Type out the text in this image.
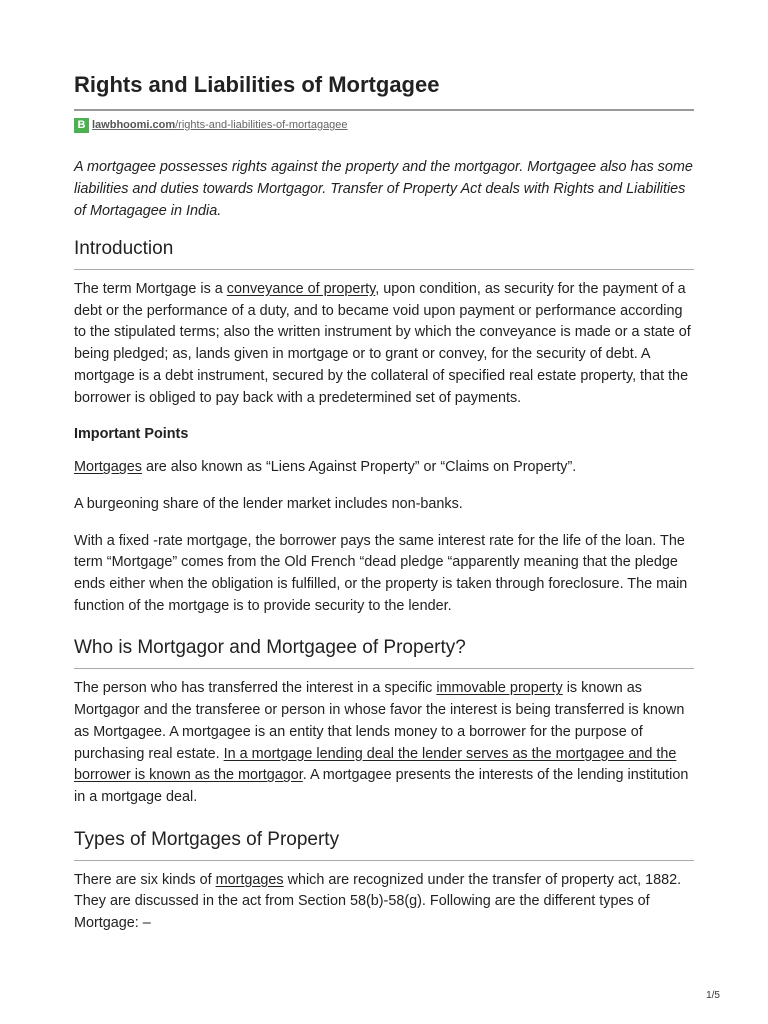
Rights and Liabilities of Mortgagee
B lawbhoomi.com/rights-and-liabilities-of-mortagagee

A mortgagee possesses rights against the property and the mortgagor. Mortgagee also has some liabilities and duties towards Mortgagor. Transfer of Property Act deals with Rights and Liabilities of Mortagagee in India.

Introduction

The term Mortgage is a conveyance of property, upon condition, as security for the payment of a debt or the performance of a duty, and to became void upon payment or performance according to the stipulated terms; also the written instrument by which the conveyance is made or a state of being pledged; as, lands given in mortgage or to grant or convey, for the security of debt. A mortgage is a debt instrument, secured by the collateral of specified real estate property, that the borrower is obliged to pay back with a predetermined set of payments.

Important Points

Mortgages are also known as “Liens Against Property” or “Claims on Property”.

A burgeoning share of the lender market includes non-banks.

With a fixed -rate mortgage, the borrower pays the same interest rate for the life of the loan. The term “Mortgage” comes from the Old French “dead pledge “apparently meaning that the pledge ends either when the obligation is fulfilled, or the property is taken through foreclosure. The main function of the mortgage is to provide security to the lender.

Who is Mortgagor and Mortgagee of Property?

The person who has transferred the interest in a specific immovable property is known as Mortgagor and the transferee or person in whose favor the interest is being transferred is known as Mortgagee. A mortgagee is an entity that lends money to a borrower for the purpose of purchasing real estate. In a mortgage lending deal the lender serves as the mortgagee and the borrower is known as the mortgagor. A mortgagee presents the interests of the lending institution in a mortgage deal.

Types of Mortgages of Property

There are six kinds of mortgages which are recognized under the transfer of property act, 1882. They are discussed in the act from Section 58(b)-58(g). Following are the different types of Mortgage: –

1/5
